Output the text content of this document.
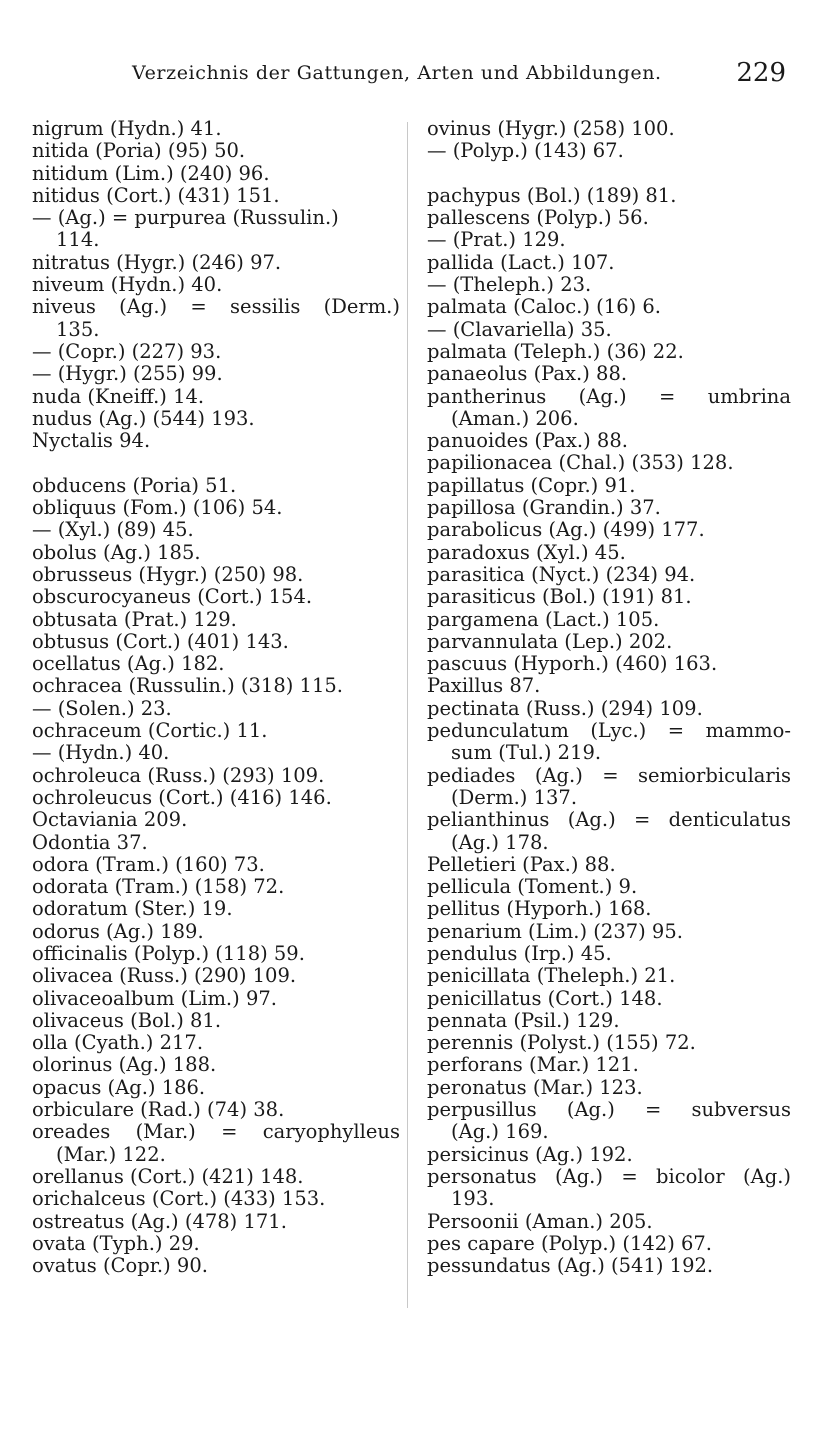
Verzeichnis der Gattungen, Arten und Abbildungen.	229
nigrum (Hydn.) 41.
nitida (Poria) (95) 50.
nitidum (Lim.) (240) 96.
nitidus (Cort.) (431) 151.
— (Ag.) = purpurea (Russulin.)
114.
nitratus (Hygr.) (246) 97.
niveum (Hydn.) 40.
niveus (Ag.) = sessilis (Derm.)
135.
— (Copr.) (227) 93.
— (Hygr.) (255) 99.
nuda (Kneiff.) 14.
nudus (Ag.) (544) 193.
Nyctalis 94.
obducens (Poria) 51.
obliquus (Fom.) (106) 54.
— (Xyl.) (89) 45.
obolus (Ag.) 185.
obrusseus (Hygr.) (250) 98.
obscurocyaneus (Cort.) 154.
obtusata (Prat.) 129.
obtusus (Cort.) (401) 143.
ocellatus (Ag.) 182.
ochracea (Russulin.) (318) 115.
— (Solen.) 23.
ochraceum (Cortic.) 11.
— (Hydn.) 40.
ochroleuca (Russ.) (293) 109.
ochroleucus (Cort.) (416) 146.
Octaviania 209.
Odontia 37.
odora (Tram.) (160) 73.
odorata (Tram.) (158) 72.
odoratum (Ster.) 19.
odorus (Ag.) 189.
officinalis (Polyp.) (118) 59.
olivacea (Russ.) (290) 109.
olivaceoalbum (Lim.) 97.
olivaceus (Bol.) 81.
olla (Cyath.) 217.
olorinus (Ag.) 188.
opacus (Ag.) 186.
orbiculare (Rad.) (74) 38.
oreades (Mar.) = caryophylleus
(Mar.) 122.
orellanus (Cort.) (421) 148.
orichalceus (Cort.) (433) 153.
ostreatus (Ag.) (478) 171.
ovata (Typh.) 29.
ovatus (Copr.) 90.
ovinus (Hygr.) (258) 100.
— (Polyp.) (143) 67.
pachypus (Bol.) (189) 81.
pallescens (Polyp.) 56.
— (Prat.) 129.
pallida (Lact.) 107.
— (Theleph.) 23.
palmata (Caloc.) (16) 6.
— (Clavariella) 35.
palmata (Teleph.) (36) 22.
panaeolus (Pax.) 88.
pantherinus (Ag.) = umbrina
(Aman.) 206.
panuoides (Pax.) 88.
papilionacea (Chal.) (353) 128.
papillatus (Copr.) 91.
papillosa (Grandin.) 37.
parabolicus (Ag.) (499) 177.
paradoxus (Xyl.) 45.
parasitica (Nyct.) (234) 94.
parasiticus (Bol.) (191) 81.
pargamena (Lact.) 105.
parvannulata (Lep.) 202.
pascuus (Hyporh.) (460) 163.
Paxillus 87.
pectinata (Russ.) (294) 109.
pedunculatum (Lyc.) = mammo-
sum (Tul.) 219.
pediades (Ag.) = semiorbicularis
(Derm.) 137.
pelianthinus (Ag.) = denticulatus
(Ag.) 178.
Pelletieri (Pax.) 88.
pellicula (Toment.) 9.
pellitus (Hyporh.) 168.
penarium (Lim.) (237) 95.
pendulus (Irp.) 45.
penicillata (Theleph.) 21.
penicillatus (Cort.) 148.
pennata (Psil.) 129.
perennis (Polyst.) (155) 72.
perforans (Mar.) 121.
peronatus (Mar.) 123.
perpusillus (Ag.) = subversus
(Ag.) 169.
persicinus (Ag.) 192.
personatus (Ag.) = bicolor (Ag.)
193.
Persoonii (Aman.) 205.
pes capare (Polyp.) (142) 67.
pessundatus (Ag.) (541) 192.
